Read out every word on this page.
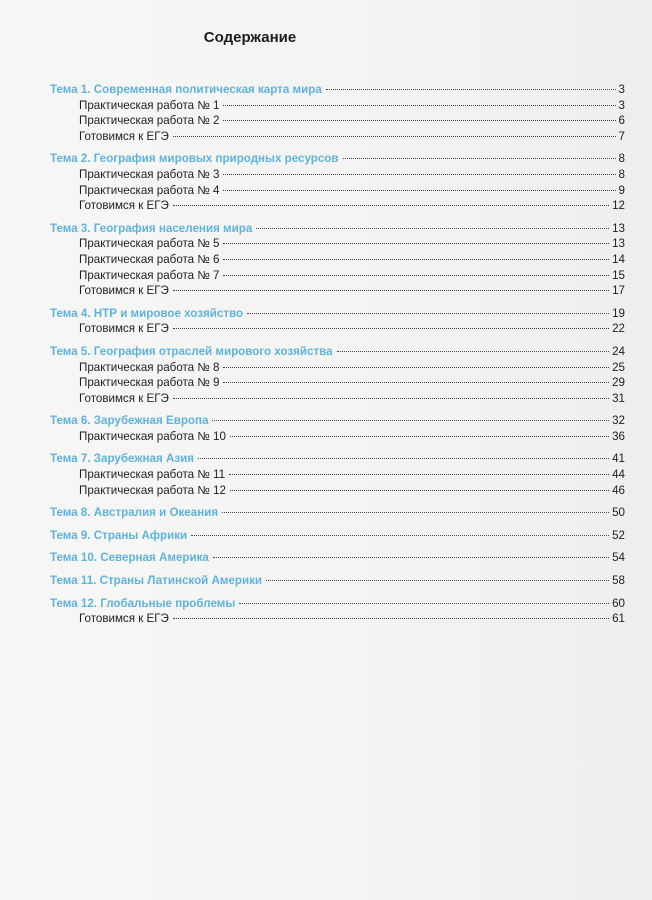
Содержание
Тема 1. Современная политическая карта мира	3
Практическая работа № 1	3
Практическая работа № 2	6
Готовимся к ЕГЭ	7
Тема 2. География мировых природных ресурсов	8
Практическая работа № 3	8
Практическая работа № 4	9
Готовимся к ЕГЭ	12
Тема 3. География населения мира	13
Практическая работа № 5	13
Практическая работа № 6	14
Практическая работа № 7	15
Готовимся к ЕГЭ	17
Тема 4. НТР и мировое хозяйство	19
Готовимся к ЕГЭ	22
Тема 5. География отраслей мирового хозяйства	24
Практическая работа № 8	25
Практическая работа № 9	29
Готовимся к ЕГЭ	31
Тема 6. Зарубежная Европа	32
Практическая работа № 10	36
Тема 7. Зарубежная Азия	41
Практическая работа № 11	44
Практическая работа № 12	46
Тема 8. Австралия и Океания	50
Тема 9. Страны Африки	52
Тема 10. Северная Америка	54
Тема 11. Страны Латинской Америки	58
Тема 12. Глобальные проблемы	60
Готовимся к ЕГЭ	61
